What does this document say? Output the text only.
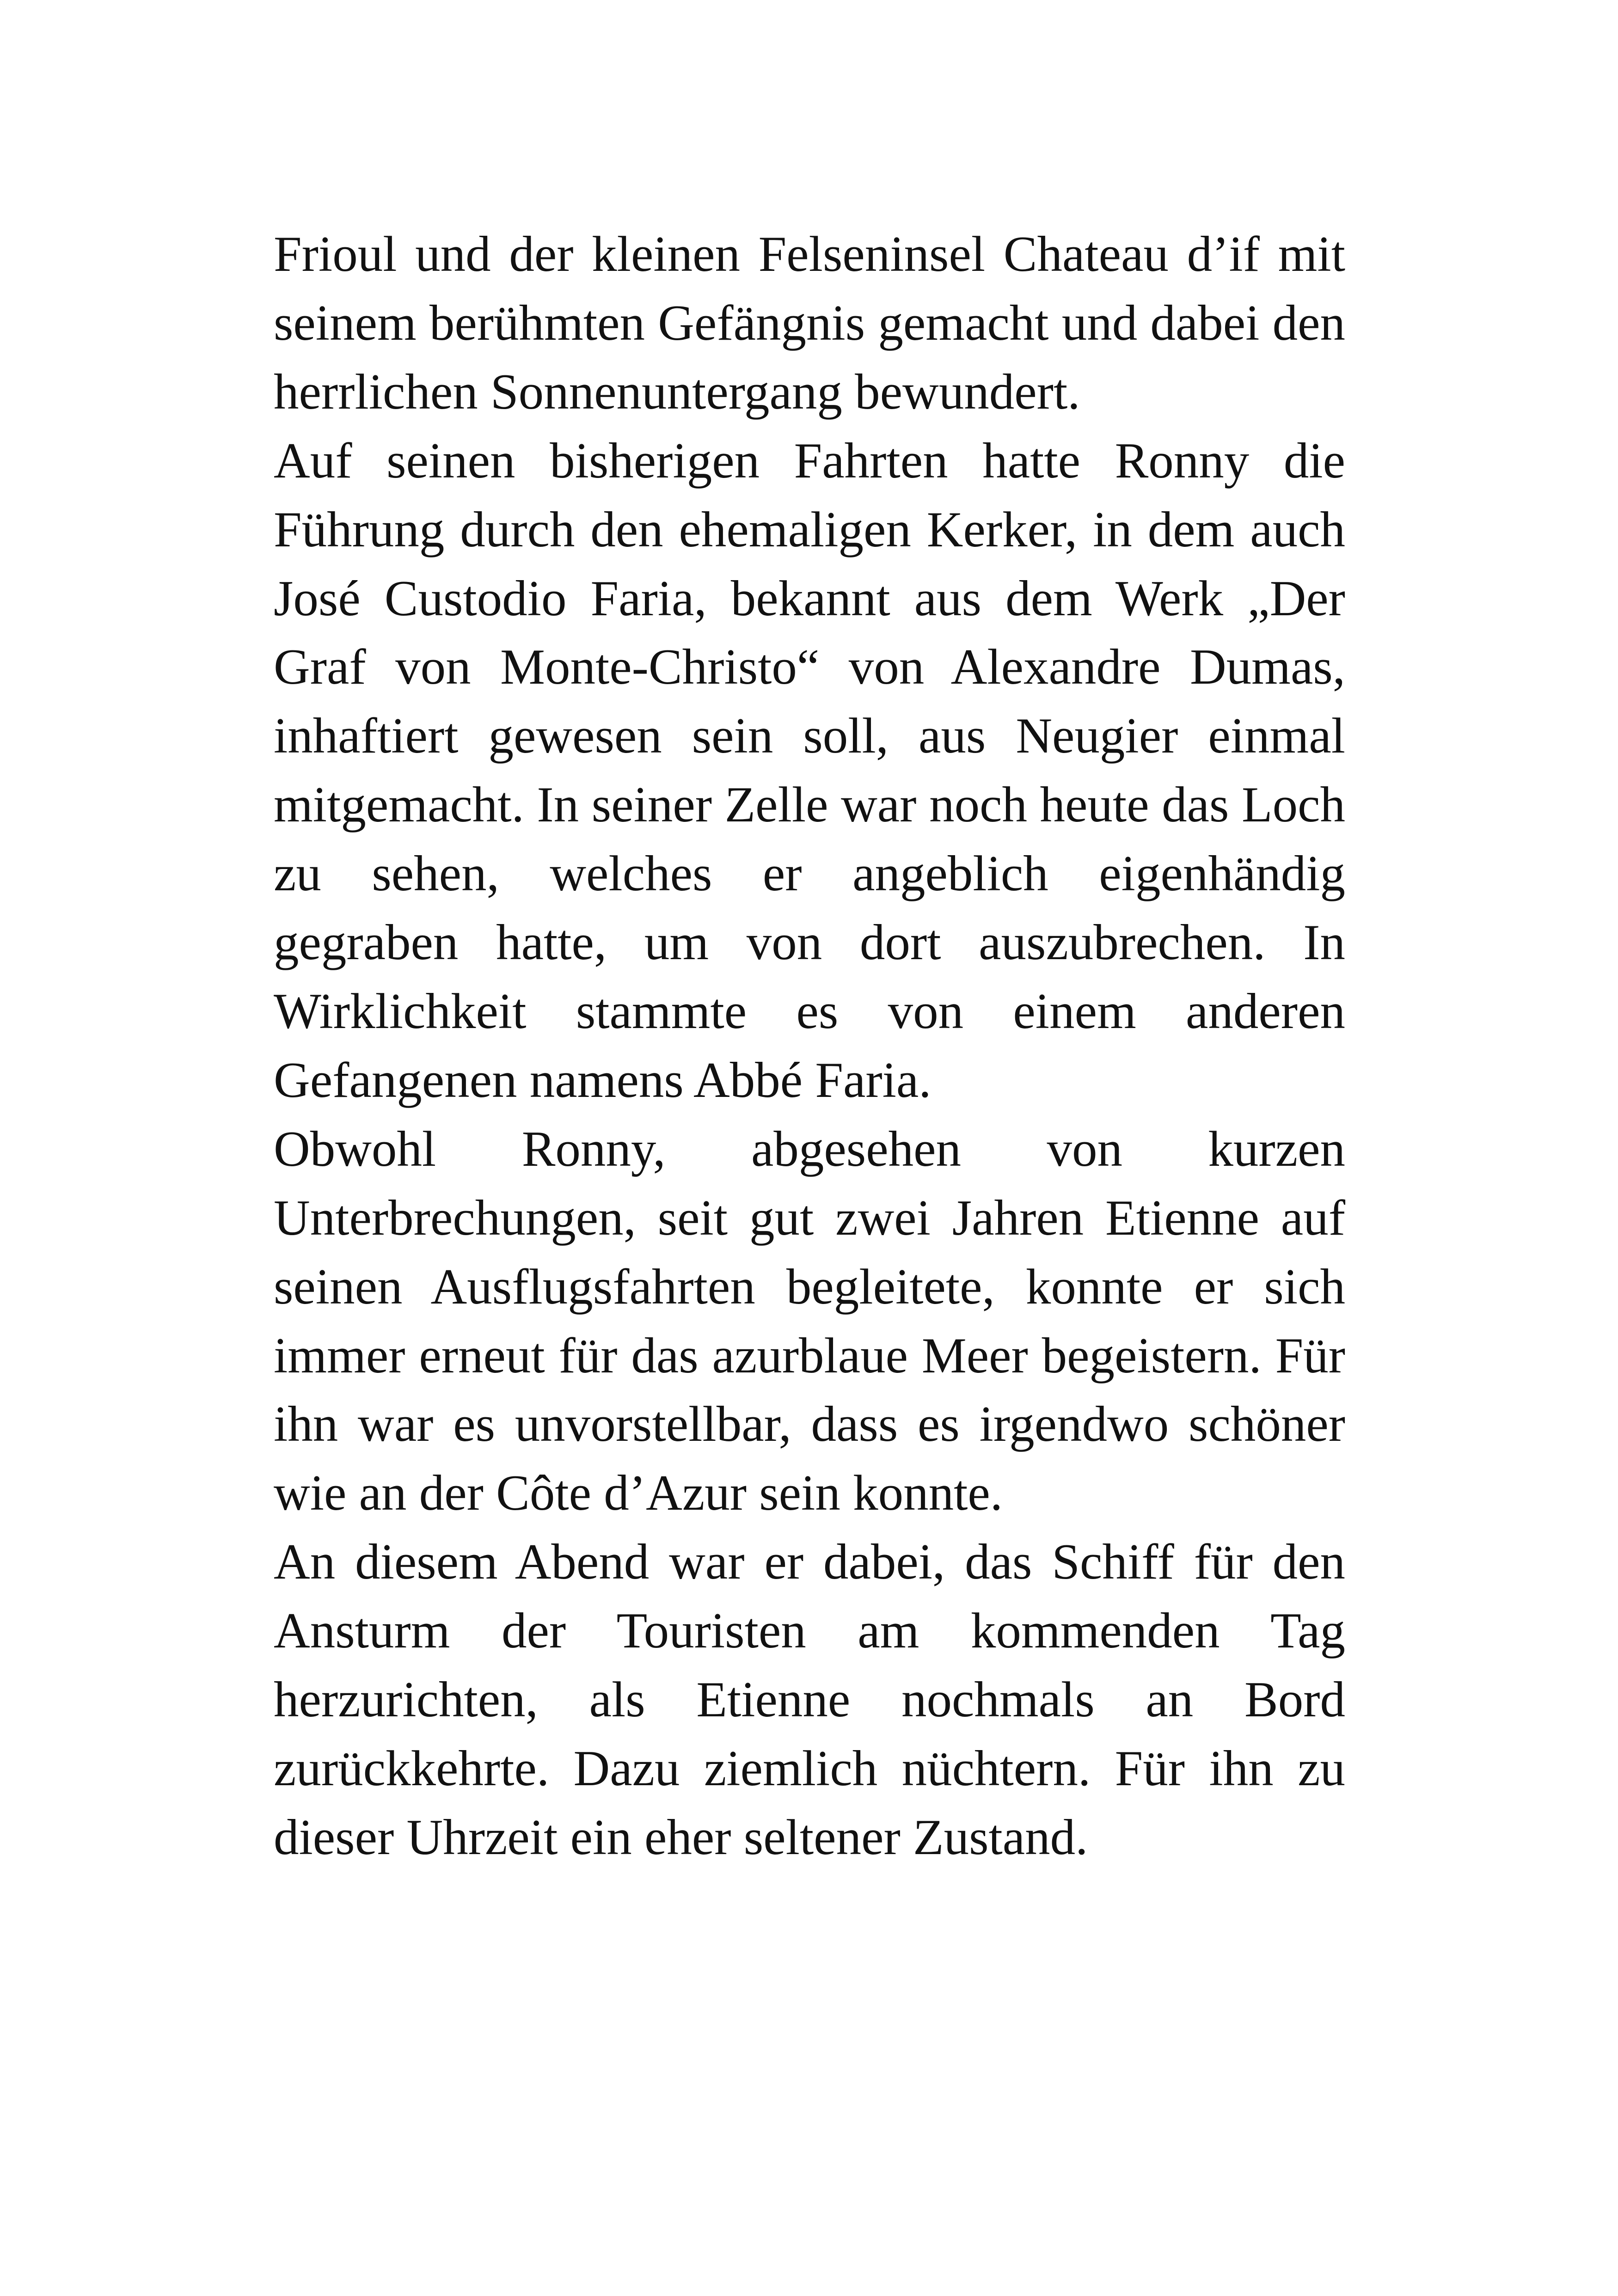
Frioul und der kleinen Felseninsel Chateau d’if mit seinem berühmten Gefängnis gemacht und dabei den herrlichen Sonnenuntergang bewundert.

Auf seinen bisherigen Fahrten hatte Ronny die Führung durch den ehemaligen Kerker, in dem auch José Custodio Faria, bekannt aus dem Werk „Der Graf von Monte-Christo“ von Alexandre Dumas, inhaftiert gewesen sein soll, aus Neugier einmal mitgemacht. In seiner Zelle war noch heute das Loch zu sehen, welches er angeblich eigenhändig gegraben hatte, um von dort auszubrechen. In Wirklichkeit stammte es von einem anderen Gefangenen namens Abbé Faria.

Obwohl Ronny, abgesehen von kurzen Unterbrechungen, seit gut zwei Jahren Etienne auf seinen Ausflugsfahrten begleitete, konnte er sich immer erneut für das azurblaue Meer begeistern. Für ihn war es unvorstellbar, dass es irgendwo schöner wie an der Côte d’Azur sein konnte.

An diesem Abend war er dabei, das Schiff für den Ansturm der Touristen am kommenden Tag herzurichten, als Etienne nochmals an Bord zurückkehrte. Dazu ziemlich nüchtern. Für ihn zu dieser Uhrzeit ein eher seltener Zustand.
